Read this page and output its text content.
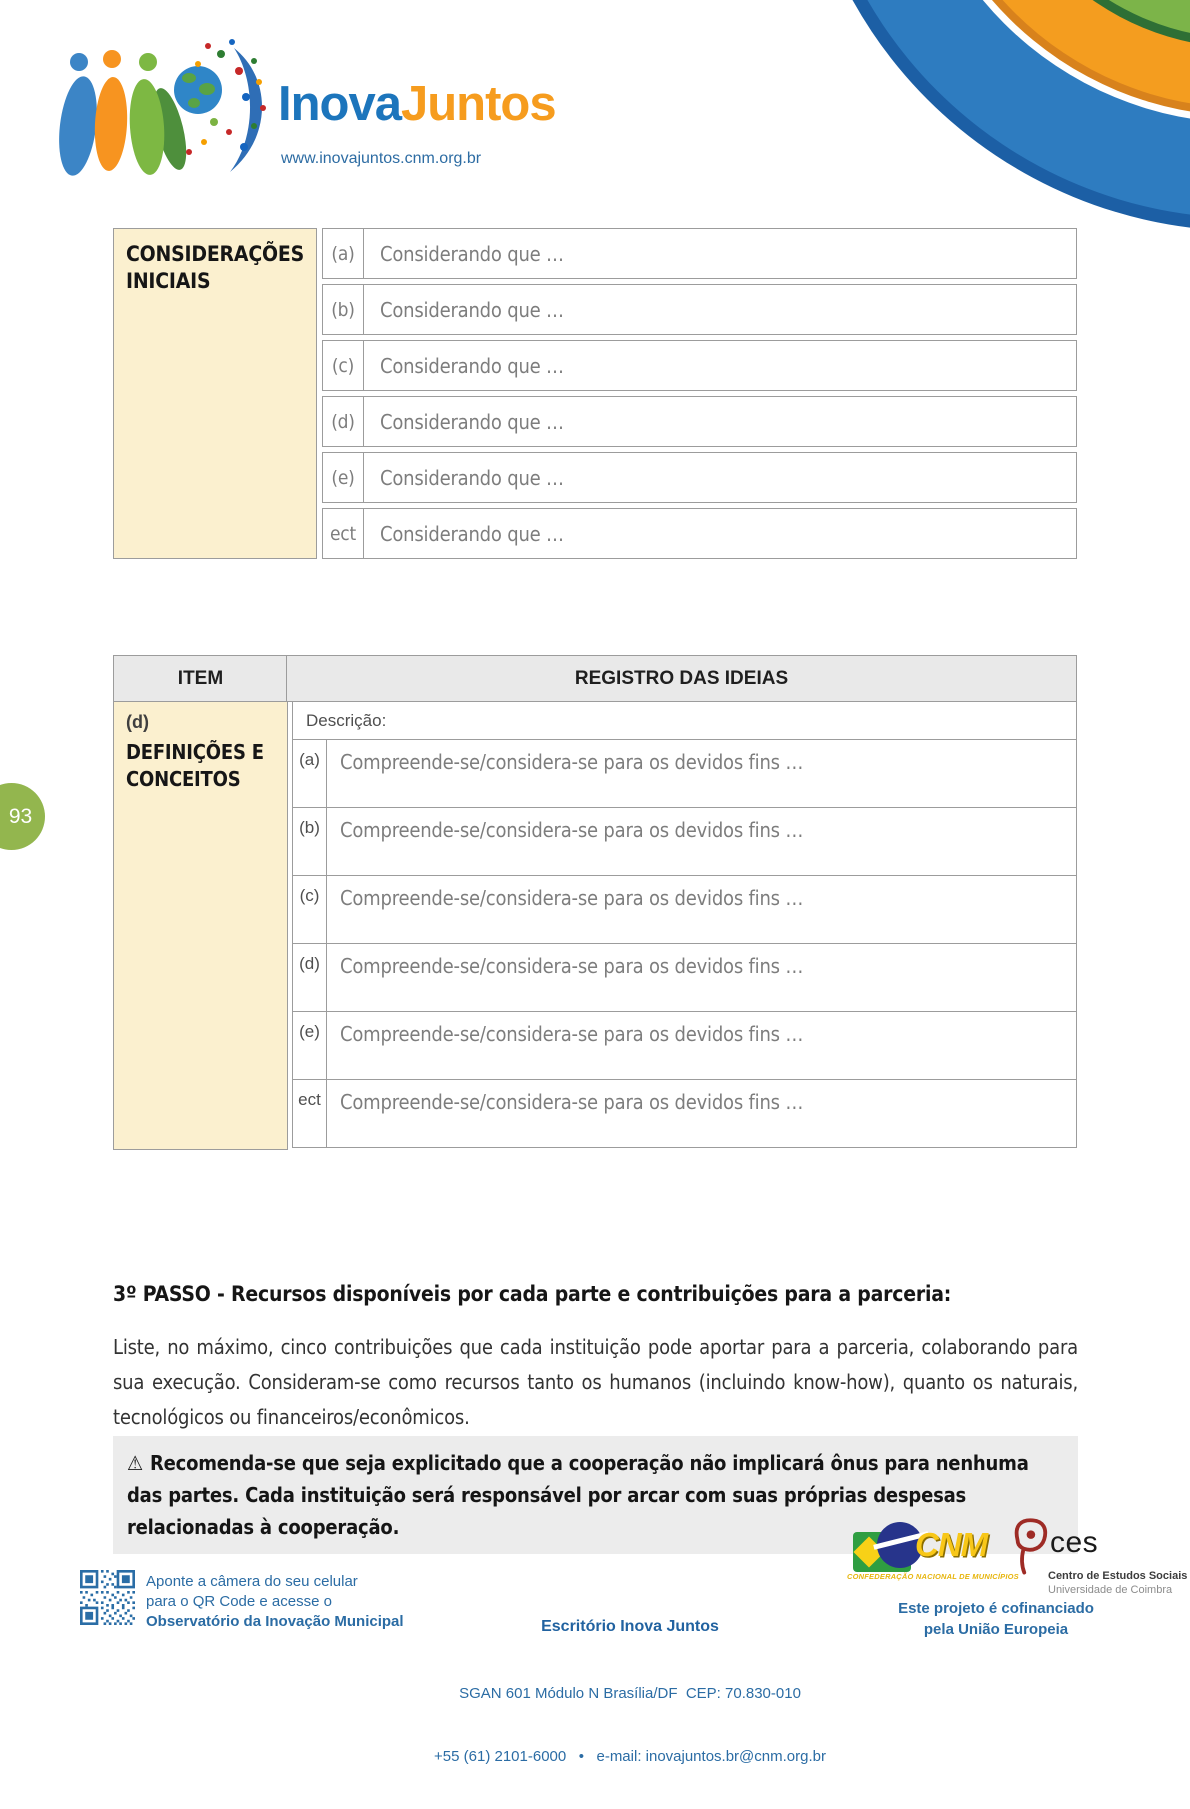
InovaJuntos
www.inovajuntos.cnm.org.br
93
CONSIDERAÇÕES
INICIAIS
(a)	Considerando que …
(b)	Considerando que …
(c)	Considerando que …
(d)	Considerando que …
(e)	Considerando que …
ect	Considerando que …
ITEM	REGISTRO DAS IDEIAS
(d)
DEFINIÇÕES E
CONCEITOS
Descrição:
(a)	Compreende-se/considera-se para os devidos fins …
(b)	Compreende-se/considera-se para os devidos fins …
(c)	Compreende-se/considera-se para os devidos fins …
(d)	Compreende-se/considera-se para os devidos fins …
(e)	Compreende-se/considera-se para os devidos fins …
ect Compreende-se/considera-se para os devidos fins …
3º PASSO - Recursos disponíveis por cada parte e contribuições para a parceria:
Liste, no máximo, cinco contribuições que cada instituição pode aportar para a parceria, colaborando para sua execução. Consideram-se como recursos tanto os humanos (incluindo know-how), quanto os naturais, tecnológicos ou financeiros/econômicos.
⚠ Recomenda-se que seja explicitado que a cooperação não implicará ônus para nenhuma das partes. Cada instituição será responsável por arcar com suas próprias despesas relacionadas à cooperação.
Aponte a câmera do seu celular
para o QR Code e acesse o
Observatório da Inovação Municipal

	Escritório Inova Juntos

SGAN 601 Módulo N Brasília/DF  CEP: 70.830-010

+55 (61) 2101-6000   •   e-mail: inovajuntos.br@cnm.org.br

CNM
CONFEDERAÇÃO NACIONAL DE MUNICÍPIOS
ces
Centro de Estudos Sociais
Universidade de Coimbra
Este projeto é cofinanciado
pela União Europeia
